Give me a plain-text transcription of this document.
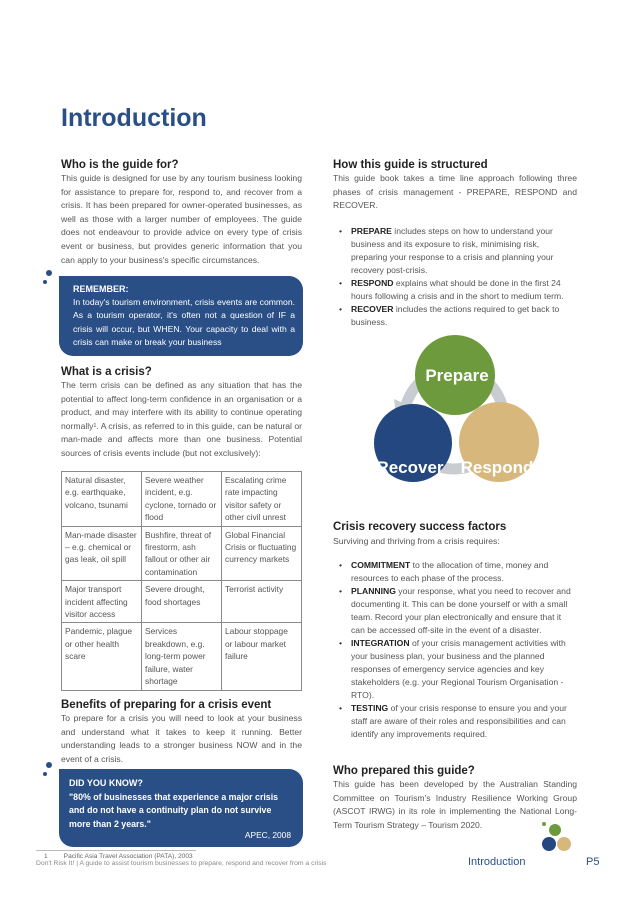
Introduction
Who is the guide for?
This guide is designed for use by any tourism business looking for assistance to prepare for, respond to, and recover from a crisis. It has been prepared for owner-operated businesses, as well as those with a larger number of employees. The guide does not endeavour to provide advice on every type of crisis event or business, but provides generic information that you can apply to your business's specific circumstances.
REMEMBER:
In today's tourism environment, crisis events are common. As a tourism operator, it's often not a question of IF a crisis will occur, but WHEN. Your capacity to deal with a crisis can make or break your business
What is a crisis?
The term crisis can be defined as any situation that has the potential to affect long-term confidence in an organisation or a product, and may interfere with its ability to continue operating normally¹. A crisis, as referred to in this guide, can be natural or man-made and affects more than one business. Potential sources of crisis events include (but not exclusively):
Natural disaster, e.g. earthquake, volcano, tsunami	Severe weather incident, e.g. cyclone, tornado or flood	Escalating crime rate impacting visitor safety or other civil unrest
Man-made disaster – e.g. chemical or gas leak, oil spill	Bushfire, threat of firestorm, ash fallout or other air contamination	Global Financial Crisis or fluctuating currency markets
Major transport incident affecting visitor access	Severe drought, food shortages	Terrorist activity
Pandemic, plague or other health scare	Services breakdown, e.g. long-term power failure, water shortage	Labour stoppage or labour market failure
Benefits of preparing for a crisis event
To prepare for a crisis you will need to look at your business and understand what it takes to keep it running. Better understanding leads to a stronger business NOW and in the event of a crisis.
DID YOU KNOW?
"80% of businesses that experience a major crisis and do not have a continuity plan do not survive more than 2 years."
APEC, 2008
1 Pacific Asia Travel Association (PATA), 2003
How this guide is structured
This guide book takes a time line approach following three phases of crisis management - PREPARE, RESPOND and RECOVER.
• PREPARE includes steps on how to understand your business and its exposure to risk, minimising risk, preparing your response to a crisis and planning your recovery post-crisis.
• RESPOND explains what should be done in the first 24 hours following a crisis and in the short to medium term.
• RECOVER includes the actions required to get back to business.
Prepare
Recover Respond
Crisis recovery success factors
Surviving and thriving from a crisis requires:
• COMMITMENT to the allocation of time, money and resources to each phase of the process.
• PLANNING your response, what you need to recover and documenting it. This can be done yourself or with a small team. Record your plan electronically and ensure that it can be accessed off-site in the event of a disaster.
• INTEGRATION of your crisis management activities with your business plan, your business and the planned responses of emergency service agencies and key stakeholders (e.g. your Regional Tourism Organisation - RTO).
• TESTING of your crisis response to ensure you and your staff are aware of their roles and responsibilities and can identify any improvements required.
Who prepared this guide?
This guide has been developed by the Australian Standing Committee on Tourism's Industry Resilience Working Group (ASCOT IRWG) in its role in implementing the National Long-Term Tourism Strategy – Tourism 2020.
Don't Risk It! | A guide to assist tourism businesses to prepare, respond and recover from a crisis	Introduction	P5
